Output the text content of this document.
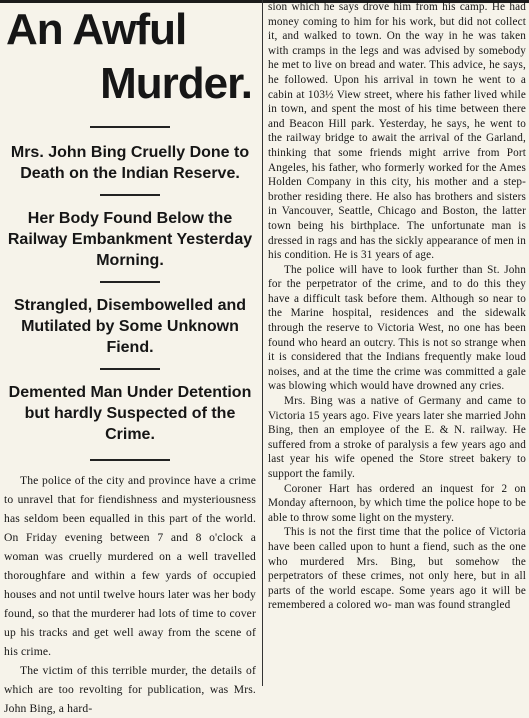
An Awful
Murder.

Mrs. John Bing Cruelly Done to Death on the Indian Reserve.

Her Body Found Below the Railway Embankment Yesterday Morning.

Strangled, Disembowelled and Mutilated by Some Unknown Fiend.

Demented Man Under Detention but hardly Suspected of the Crime.

The police of the city and province have a crime to unravel that for fiendishness and mysteriousness has seldom been equalled in this part of the world. On Friday evening between 7 and 8 o'clock a woman was cruelly murdered on a well travelled thoroughfare and within a few yards of occupied houses and not until twelve hours later was her body found, so that the murderer had lots of time to cover up his tracks and get well away from the scene of his crime.

The victim of this terrible murder, the details of which are too revolting for publication, was Mrs. John Bing, a hard-

sion which he says drove him from his camp. He had money coming to him for his work, but did not collect it, and walked to town. On the way in he was taken with cramps in the legs and was advised by somebody he met to live on bread and water. This advice, he says, he followed. Upon his arrival in town he went to a cabin at 103½ View street, where his father lived while in town, and spent the most of his time between there and Beacon Hill park. Yesterday, he says, he went to the railway bridge to await the arrival of the Garland, thinking that some friends might arrive from Port Angeles, his father, who formerly worked for the Ames Holden Company in this city, his mother and a step-brother residing there. He also has brothers and sisters in Vancouver, Seattle, Chicago and Boston, the latter town being his birthplace. The unfortunate man is dressed in rags and has the sickly appearance of men in his condition. He is 31 years of age.

The police will have to look further than St. John for the perpetrator of the crime, and to do this they have a difficult task before them. Although so near to the Marine hospital, residences and the sidewalk through the reserve to Victoria West, no one has been found who heard an outcry. This is not so strange when it is considered that the Indians frequently make loud noises, and at the time the crime was committed a gale was blowing which would have drowned any cries.

Mrs. Bing was a native of Germany and came to Victoria 15 years ago. Five years later she married John Bing, then an employee of the E. & N. railway. He suffered from a stroke of paralysis a few years ago and last year his wife opened the Store street bakery to support the family.

Coroner Hart has ordered an inquest for 2 on Monday afternoon, by which time the police hope to be able to throw some light on the mystery.

This is not the first time that the police of Victoria have been called upon to hunt a fiend, such as the one who murdered Mrs. Bing, but somehow the perpetrators of these crimes, not only here, but in all parts of the world escape. Some years ago it will be remembered a colored wo- man was found strangled
